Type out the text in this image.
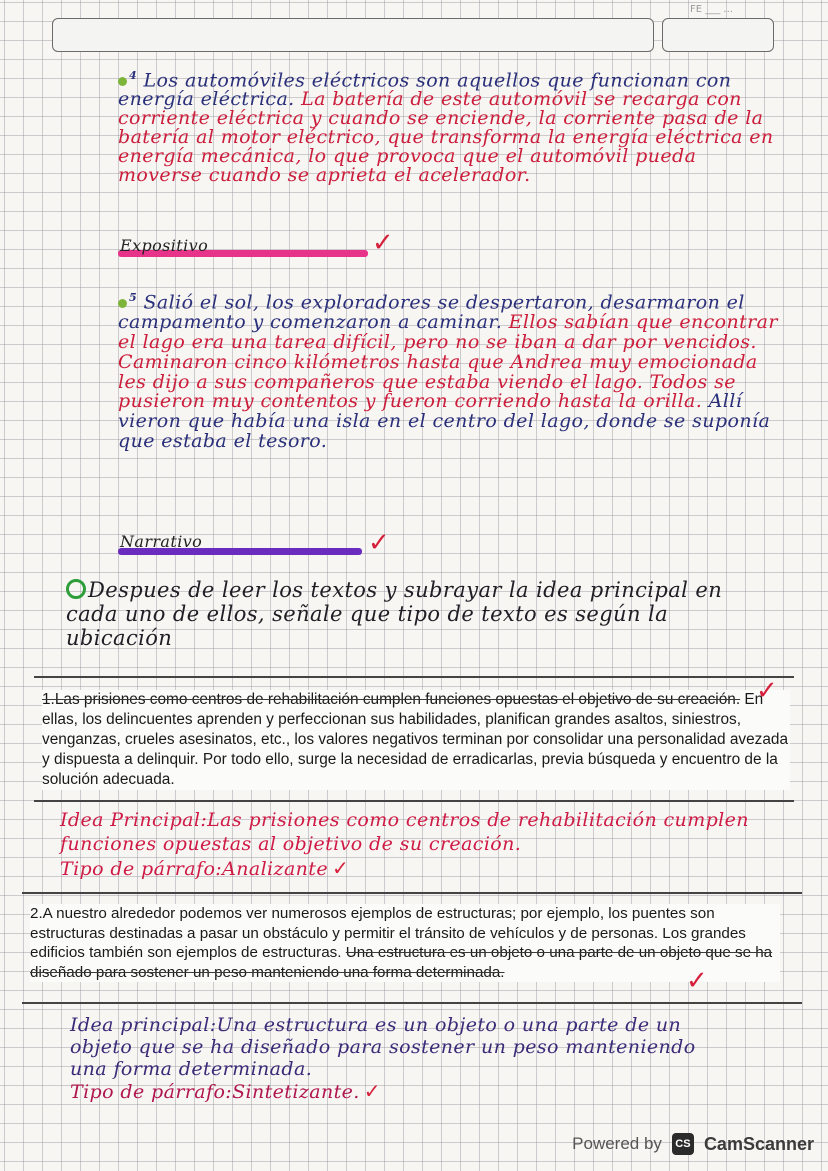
FE ___ ...
$^4$ Los automóviles eléctricos son aquellos que funcionan con energía eléctrica. La batería de este automóvil se recarga con corriente eléctrica y cuando se enciende, la corriente pasa de la batería al motor eléctrico, que transforma la energía eléctrica en energía mecánica, lo que provoca que el automóvil pueda moverse cuando se aprieta el acelerador.
Expositivo	✓
$^5$ Salió el sol, los exploradores se despertaron, desarmaron el campamento y comenzaron a caminar. Ellos sabían que encontrar el lago era una tarea difícil, pero no se iban a dar por vencidos. Caminaron cinco kilómetros hasta que Andrea muy emocionada les dijo a sus compañeros que estaba viendo el lago. Todos se pusieron muy contentos y fueron corriendo hasta la orilla. Allí vieron que había una isla en el centro del lago, donde se suponía que estaba el tesoro.
Narrativo	✓
Despues de leer los textos y subrayar la idea principal en cada uno de ellos, señale que tipo de texto es según la ubicación

1.Las prisiones como centros de rehabilitación cumplen funciones opuestas el objetivo de su creación. En ellas, los delincuentes aprenden y perfeccionan sus habilidades, planifican grandes asaltos, siniestros, venganzas, crueles asesinatos, etc., los valores negativos terminan por consolidar una personalidad avezada y dispuesta a delinquir. Por todo ello, surge la necesidad de erradicarlas, previa búsqueda y encuentro de la solución adecuada.

✓
Idea Principal:Las prisiones como centros de rehabilitación cumplen funciones opuestas al objetivo de su creación.
Tipo de párrafo:Analizante ✓

2.A nuestro alrededor podemos ver numerosos ejemplos de estructuras; por ejemplo, los puentes son estructuras destinadas a pasar un obstáculo y permitir el tránsito de vehículos y de personas. Los grandes edificios también son ejemplos de estructuras. Una estructura es un objeto o una parte de un objeto que se ha diseñado para sostener un peso manteniendo una forma determinada.	✓
Idea principal:Una estructura es un objeto o una parte de un objeto que se ha diseñado para sostener un peso manteniendo una forma determinada.
Tipo de párrafo:Sintetizante. ✓
Powered by	CS CamScanner
